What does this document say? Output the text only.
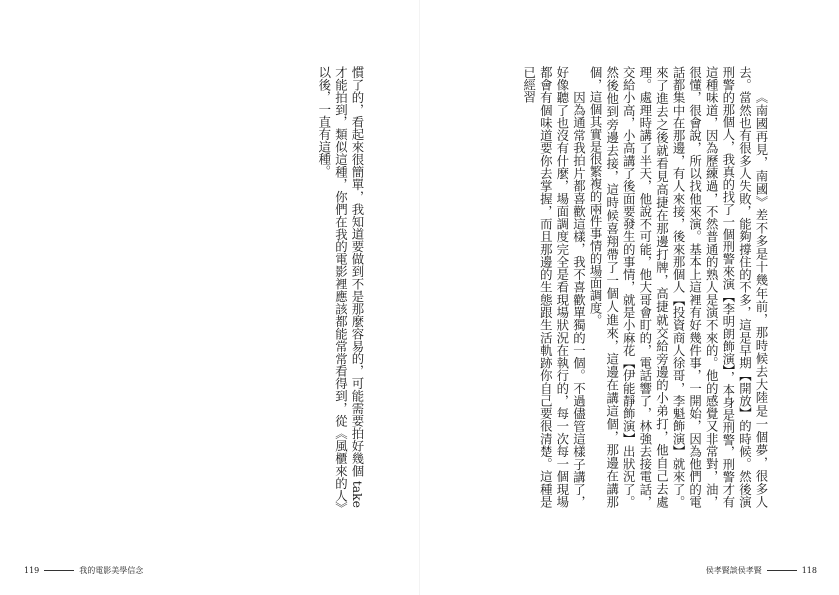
慣了的，看起來很簡單，我知道要做到不是那麼容易的，可能需要拍好幾個 take 才能拍到，類似這種，你們在我的電影裡應該都能常常看得到，從《風櫃來的人》以後，一直有這種。	《南國再見，南國》差不多是十幾年前，那時候去大陸是一個夢，很多人去。當然也有很多人失敗，能夠撐住的不多，這是早期【開放】的時候。然後演刑警的那個人，我真的找了一個刑警來演【李明朗飾演】，本身是刑警，刑警才有這種味道，因為歷練過，不然普通的熟人是演不來的。他的感覺又非常對，油，很懂，很會說，所以找他來演。基本上這裡有好幾件事，一開始，因為他們的電話都集中在那邊，有人來接，後來那個人【投資商人徐哥，李魁飾演】就來了。來了進去之後就看見高捷在那邊打牌，高捷就交給旁邊的小弟打，他自己去處理。處理時講了半天，他說不可能，他大哥會盯的，電話響了，林強去接電話，交給小高，小高講了後面要發生的事情，就是小麻花【伊能靜飾演】出狀況了。然後他到旁邊去接，這時候喜翔帶了一個人進來，這邊在講這個，那邊在講那個，這個其實是很繁複的兩件事情的場面調度。

因為通常我拍片都喜歡這樣，我不喜歡單獨的一個。不過儘管這樣子講了，好像聽了也沒有什麼，場面調度完全是看現場狀況在執行的，每一次每一個現場都會有個味道要你去掌握，而且那邊的生態跟生活軌跡你自己要很清楚。這種是已經習

119	我的電影美學信念	侯孝賢談侯孝賢	118
